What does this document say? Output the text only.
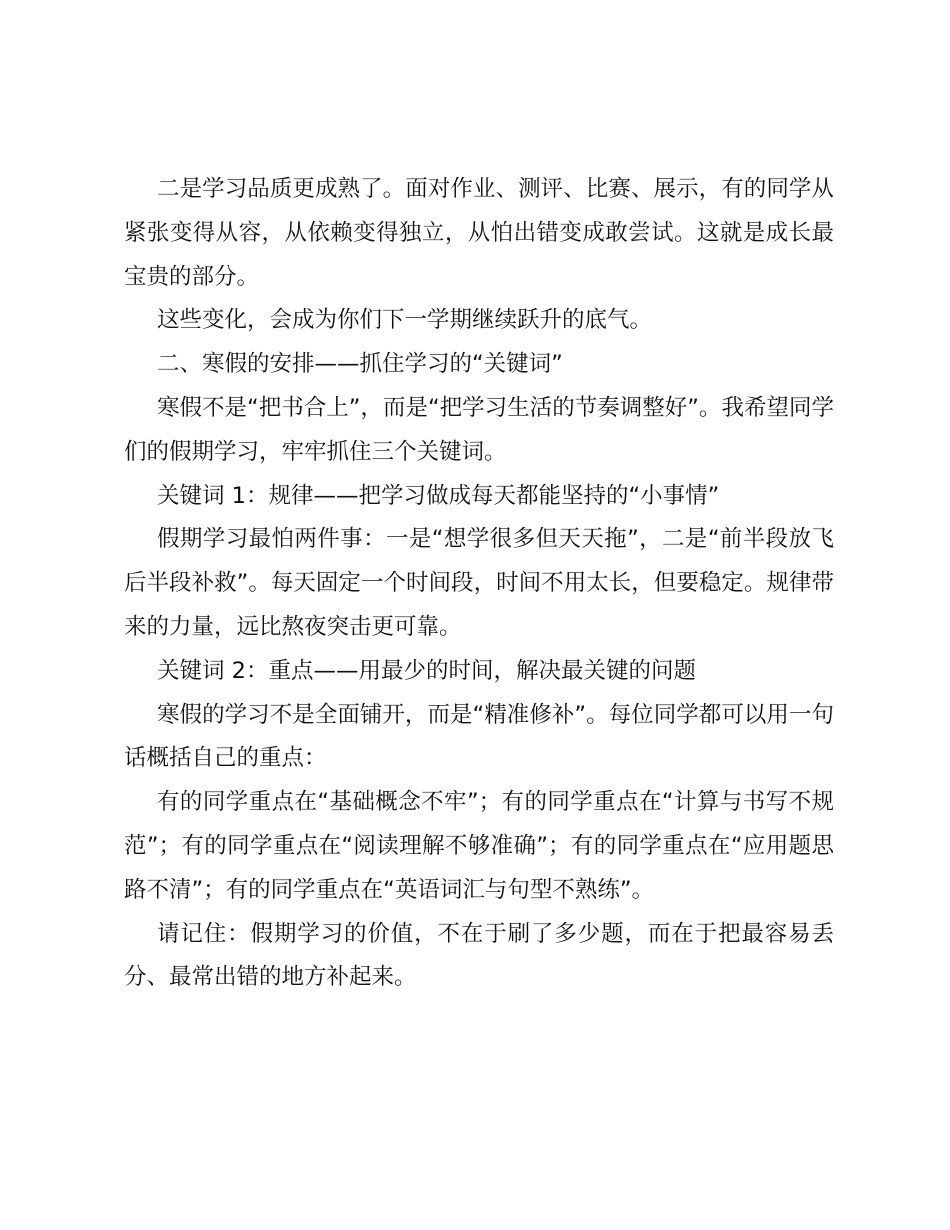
二是学习品质更成熟了。面对作业、测评、比赛、展示，有的同学从紧张变得从容，从依赖变得独立，从怕出错变成敢尝试。这就是成长最宝贵的部分。

这些变化，会成为你们下一学期继续跃升的底气。

二、寒假的安排——抓住学习的“关键词”

寒假不是“把书合上”，而是“把学习生活的节奏调整好”。我希望同学们的假期学习，牢牢抓住三个关键词。

关键词 1：规律——把学习做成每天都能坚持的“小事情”

假期学习最怕两件事：一是“想学很多但天天拖”，二是“前半段放飞后半段补救”。每天固定一个时间段，时间不用太长，但要稳定。规律带来的力量，远比熬夜突击更可靠。

关键词 2：重点——用最少的时间，解决最关键的问题

寒假的学习不是全面铺开，而是“精准修补”。每位同学都可以用一句话概括自己的重点：

有的同学重点在“基础概念不牢”；有的同学重点在“计算与书写不规范”；有的同学重点在“阅读理解不够准确”；有的同学重点在“应用题思路不清”；有的同学重点在“英语词汇与句型不熟练”。

请记住：假期学习的价值，不在于刷了多少题，而在于把最容易丢分、最常出错的地方补起来。
